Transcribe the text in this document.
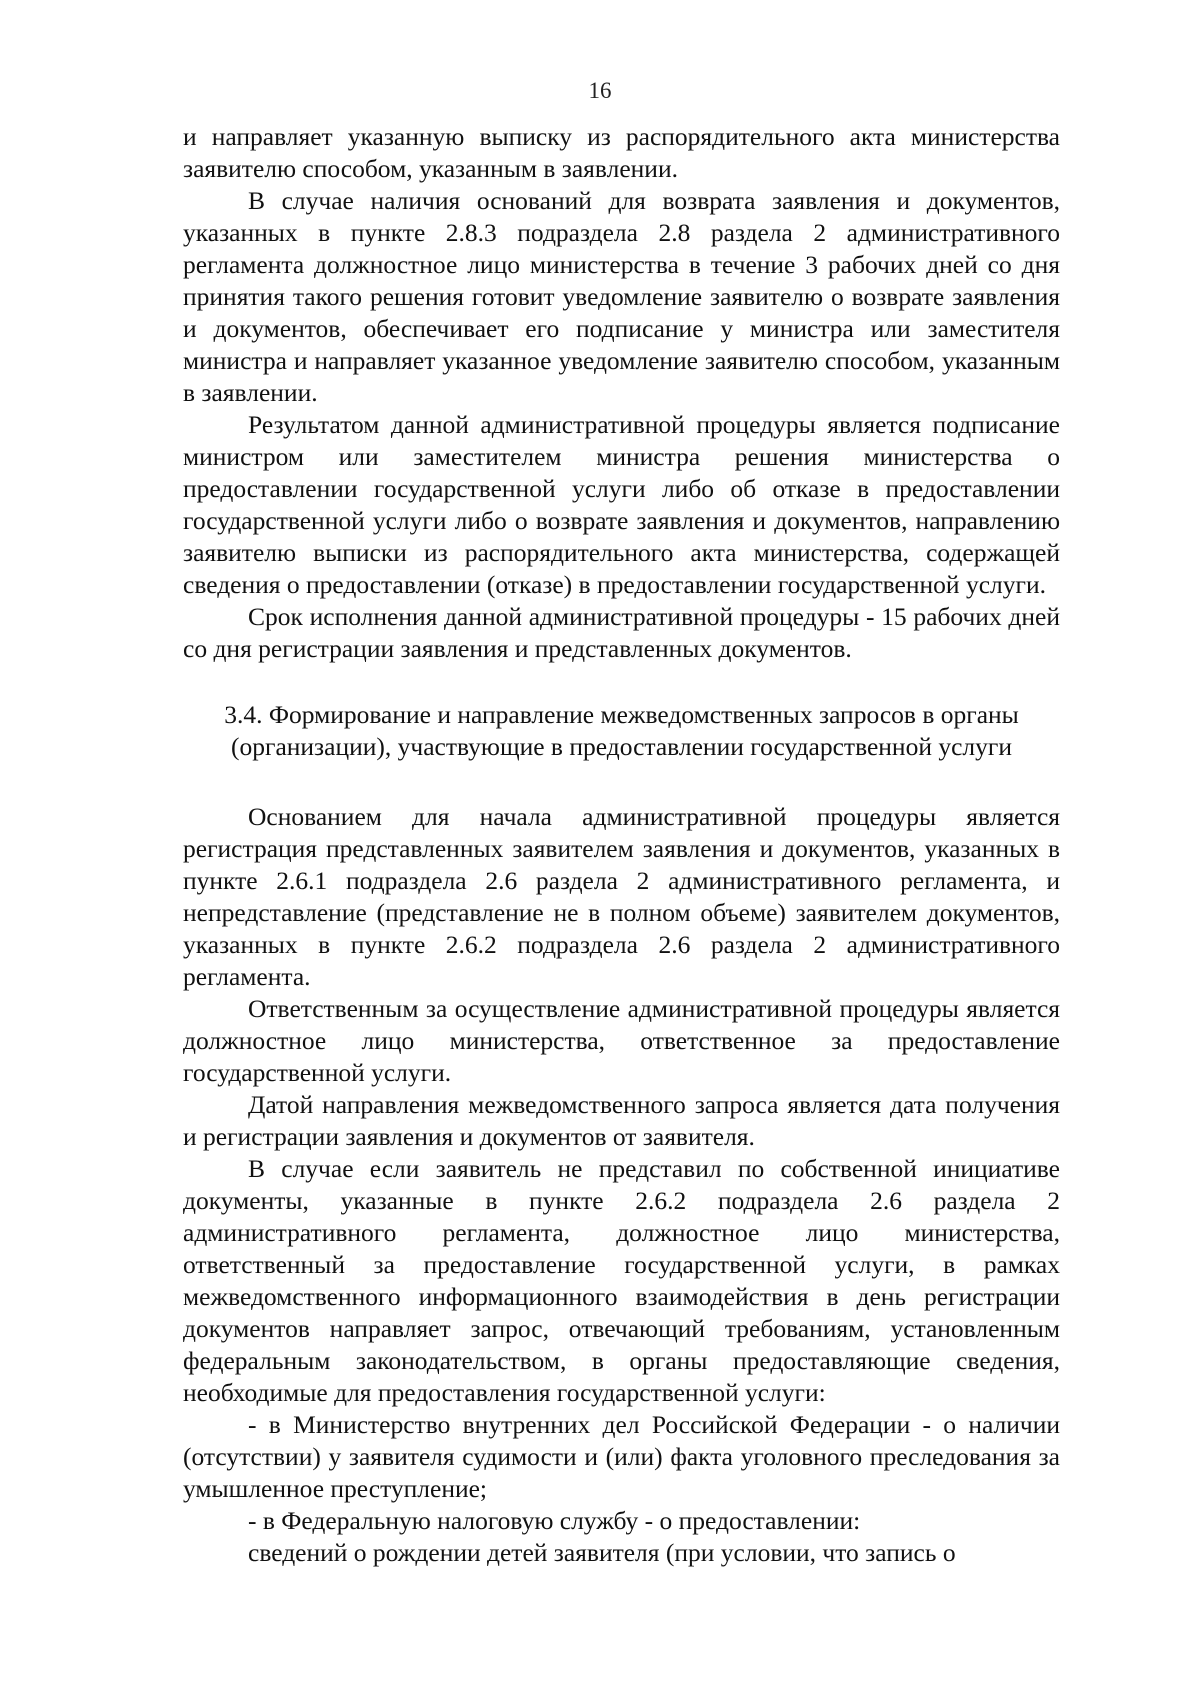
16

и направляет указанную выписку из распорядительного акта министерства заявителю способом, указанным в заявлении.

В случае наличия оснований для возврата заявления и документов, указанных в пункте 2.8.3 подраздела 2.8 раздела 2 административного регламента должностное лицо министерства в течение 3 рабочих дней со дня принятия такого решения готовит уведомление заявителю о возврате заявления и документов, обеспечивает его подписание у министра или заместителя министра и направляет указанное уведомление заявителю способом, указанным в заявлении.

Результатом данной административной процедуры является подписание министром или заместителем министра решения министерства о предоставлении государственной услуги либо об отказе в предоставлении государственной услуги либо о возврате заявления и документов, направлению заявителю выписки из распорядительного акта министерства, содержащей сведения о предоставлении (отказе) в предоставлении государственной услуги.

Срок исполнения данной административной процедуры - 15 рабочих дней со дня регистрации заявления и представленных документов.

3.4. Формирование и направление межведомственных запросов в органы
(организации), участвующие в предоставлении государственной услуги

Основанием для начала административной процедуры является регистрация представленных заявителем заявления и документов, указанных в пункте 2.6.1 подраздела 2.6 раздела 2 административного регламента, и непредставление (представление не в полном объеме) заявителем документов, указанных в пункте 2.6.2 подраздела 2.6 раздела 2 административного регламента.

Ответственным за осуществление административной процедуры является должностное лицо министерства, ответственное за предоставление государственной услуги.

Датой направления межведомственного запроса является дата получения и регистрации заявления и документов от заявителя.

В случае если заявитель не представил по собственной инициативе документы, указанные в пункте 2.6.2 подраздела 2.6 раздела 2 административного регламента, должностное лицо министерства, ответственный за предоставление государственной услуги, в рамках межведомственного информационного взаимодействия в день регистрации документов направляет запрос, отвечающий требованиям, установленным федеральным законодательством, в органы предоставляющие сведения, необходимые для предоставления государственной услуги:

- в Министерство внутренних дел Российской Федерации - о наличии (отсутствии) у заявителя судимости и (или) факта уголовного преследования за умышленное преступление;

- в Федеральную налоговую службу - о предоставлении:

сведений о рождении детей заявителя (при условии, что запись о
